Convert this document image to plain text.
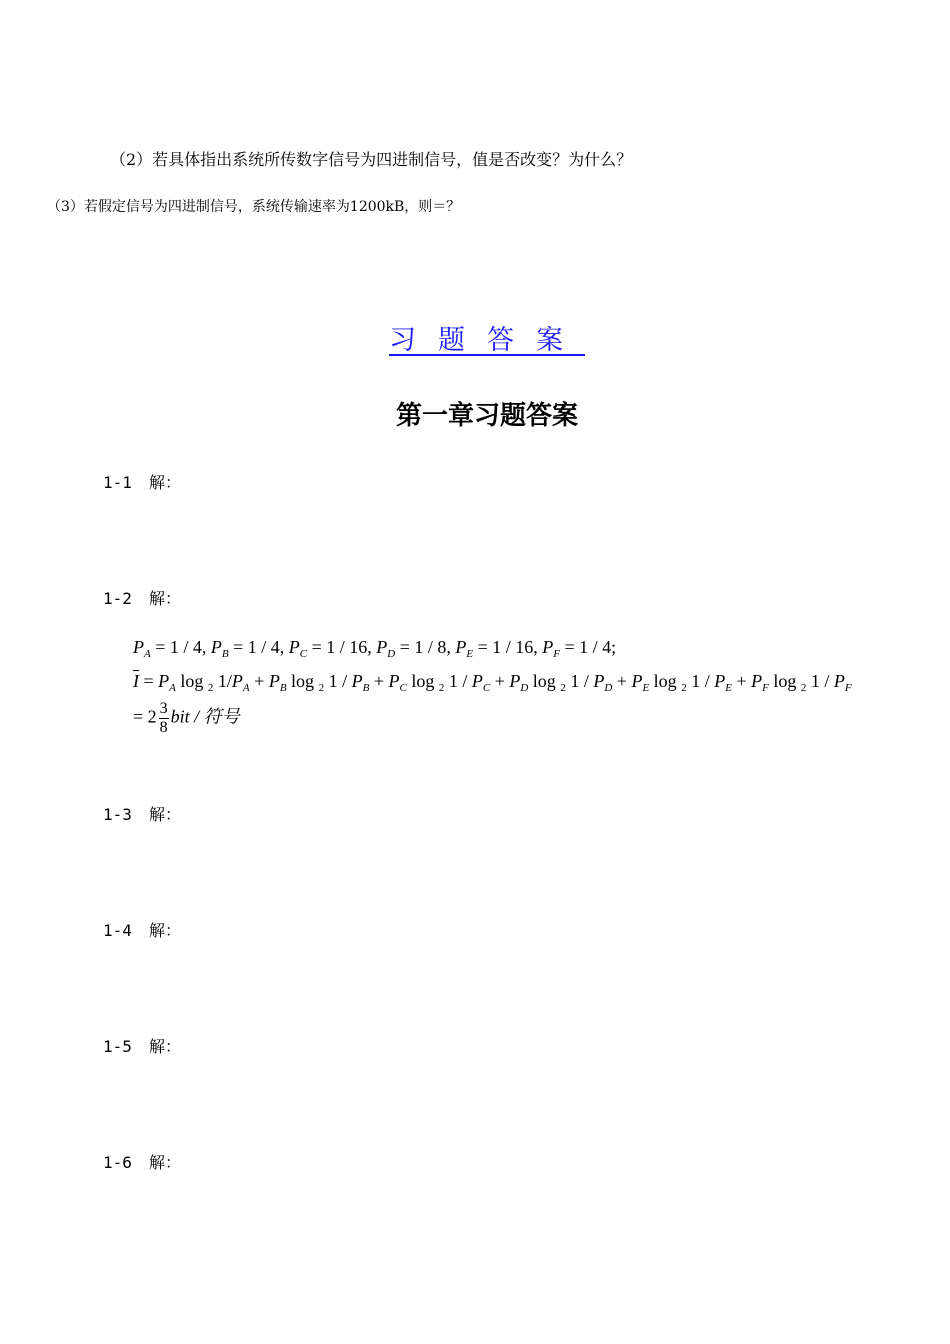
（2）若具体指出系统所传数字信号为四进制信号，值是否改变？为什么？
（3）若假定信号为四进制信号，系统传输速率为1200kB，则＝？
习题答案
第一章习题答案
1-1 解：
1-2 解：
$P_A = 1 / 4$, $P_B = 1 / 4$, $P_C = 1 / 16$, $P_D = 1 / 8$, $P_E = 1 / 16$, $P_F = 1 / 4$;
$\overline{I} = P_A$ log $_2$ $1/P_A + P_B$ log $_2$ $1 / P_B + P_C$ log $_2$ $1 / P_C + P_D$ log $_2$ $1 / P_D + P_E$ log $_2$ $1 / P_E + P_F$ log $_2$ $1 / P_F$
= $2 \frac{3}{8}$ bit / 符号
1-3 解：
1-4 解：
1-5 解：
1-6 解：
